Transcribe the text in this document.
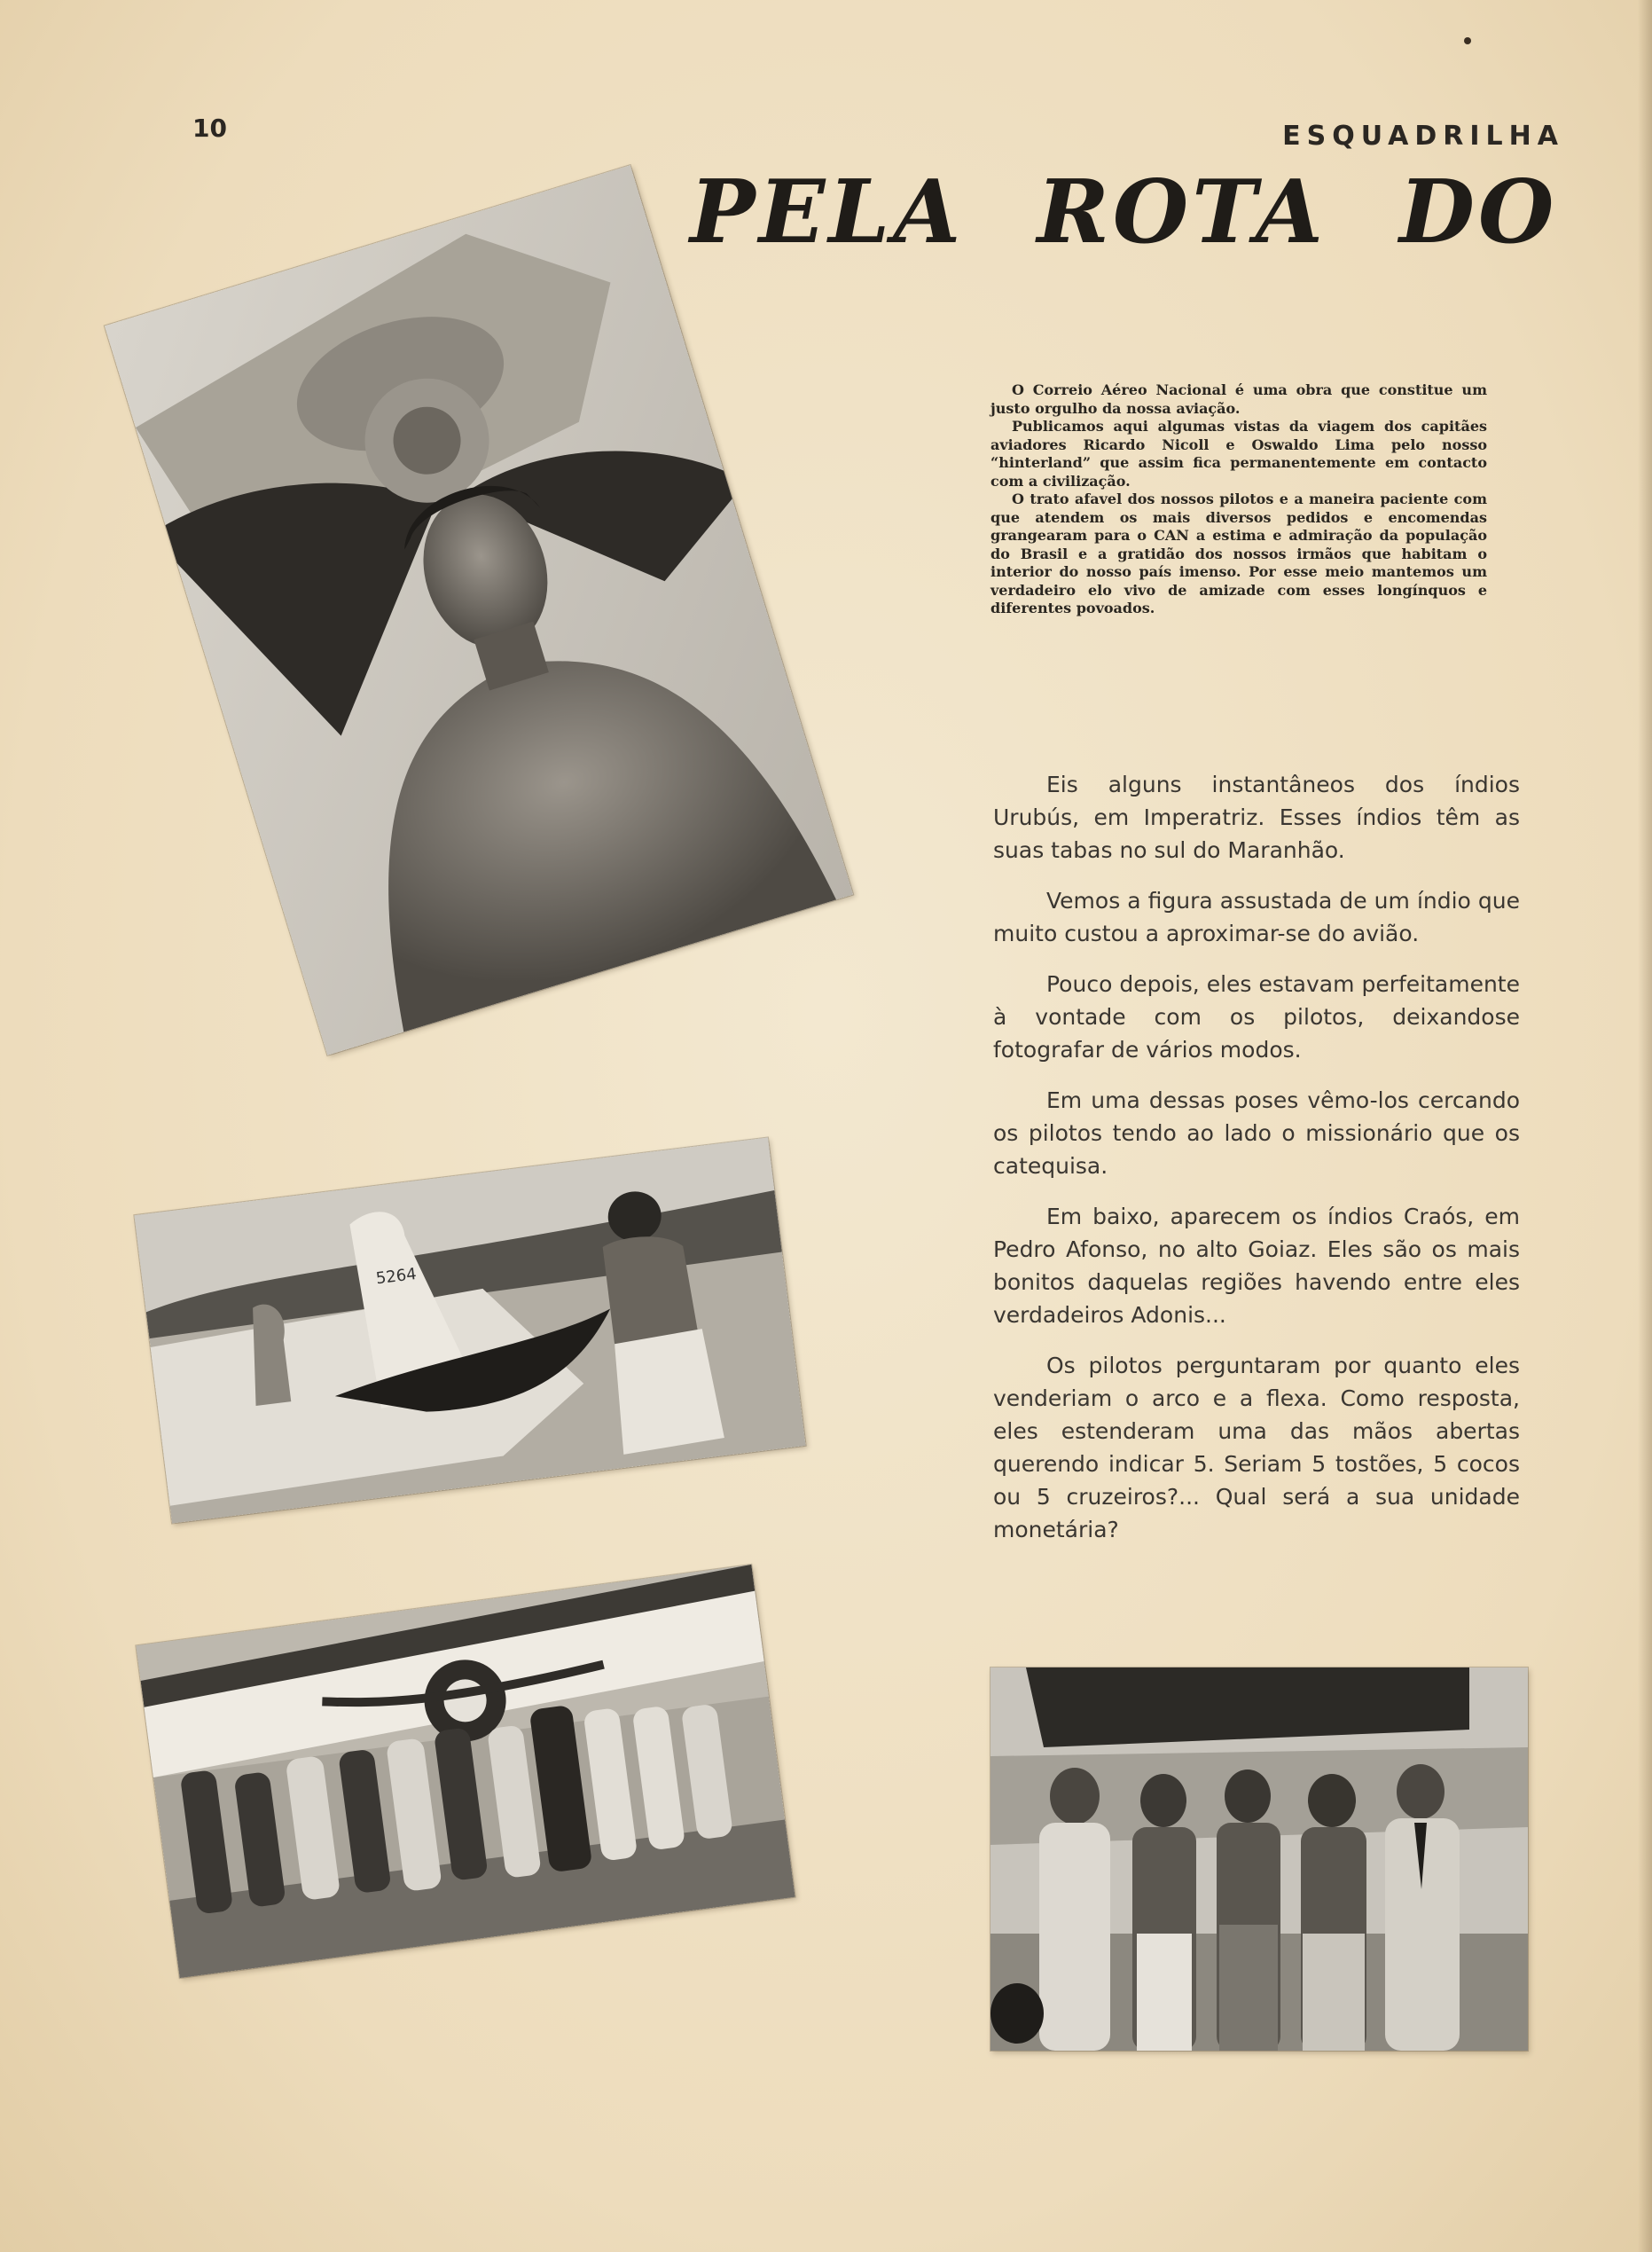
10	ESQUADRILHA
PELA ROTA DO

O Correio Aéreo Nacional é uma obra que constitue um justo orgulho da nossa aviação.

Publicamos aqui algumas vistas da viagem dos capitães aviadores Ricardo Nicoll e Oswaldo Lima pelo nosso “hinterland” que assim fica permanentemente em contacto com a civilização.

O trato afavel dos nossos pilotos e a maneira paciente com que atendem os mais diversos pedidos e encomendas grangearam para o CAN a estima e admiração da população do Brasil e a gratidão dos nossos irmãos que habitam o interior do nosso país imenso. Por esse meio mantemos um verdadeiro elo vivo de amizade com esses longínquos e diferentes povoados.

Eis alguns instantâneos dos índios Urubús, em Imperatriz. Esses índios têm as suas tabas no sul do Maranhão.

Vemos a figura assustada de um índio que muito custou a aproximar-se do avião.

Pouco depois, eles estavam perfeitamente à vontade com os pilotos, deixandose fotografar de vários modos.

Em uma dessas poses vêmo-los cercando os pilotos tendo ao lado o missionário que os catequisa.

Em baixo, aparecem os índios Craós, em Pedro Afonso, no alto Goiaz. Eles são os mais bonitos daquelas regiões havendo entre eles verdadeiros Adonis...

Os pilotos perguntaram por quanto eles venderiam o arco e a flexa. Como resposta, eles estenderam uma das mãos abertas querendo indicar 5. Seriam 5 tostões, 5 cocos ou 5 cruzeiros?... Qual será a sua unidade monetária?

5264
